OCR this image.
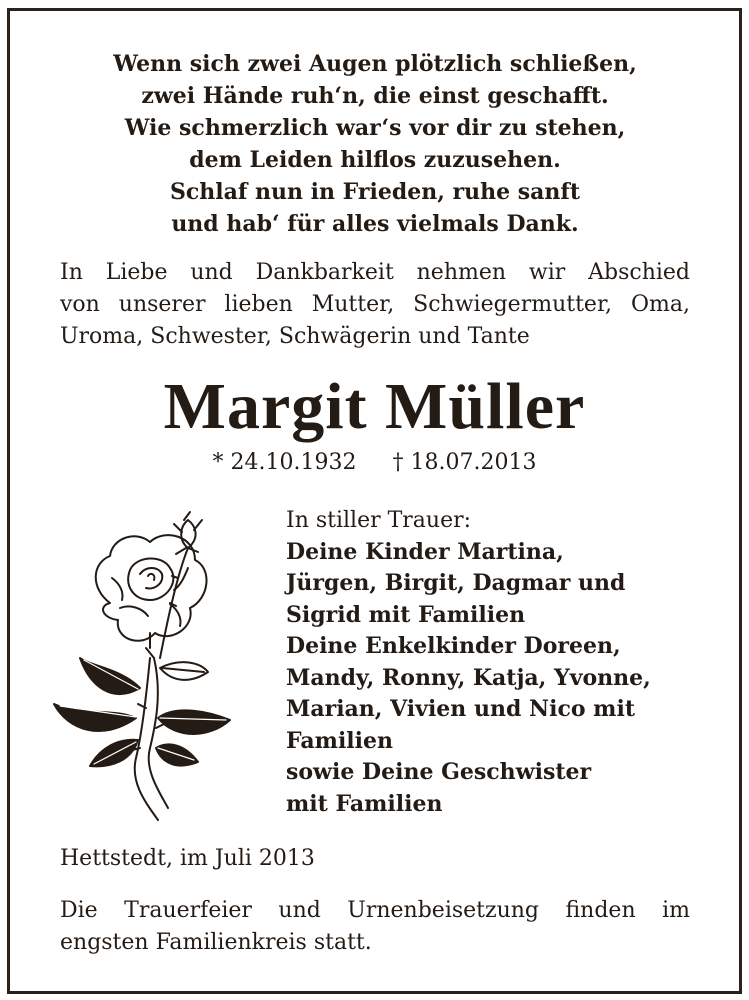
Wenn sich zwei Augen plötzlich schließen,
zwei Hände ruh‘n, die einst geschafft.
Wie schmerzlich war‘s vor dir zu stehen,
dem Leiden hilflos zuzusehen.
Schlaf nun in Frieden, ruhe sanft
und hab‘ für alles vielmals Dank.
In Liebe und Dankbarkeit nehmen wir Abschied
von unserer lieben Mutter, Schwiegermutter, Oma,
Uroma, Schwester, Schwägerin und Tante
Margit Müller
* 24.10.1932 † 18.07.2013
In stiller Trauer:
Deine Kinder Martina,
Jürgen, Birgit, Dagmar und
Sigrid mit Familien
Deine Enkelkinder Doreen,
Mandy, Ronny, Katja, Yvonne,
Marian, Vivien und Nico mit
Familien
sowie Deine Geschwister
mit Familien
Hettstedt, im Juli 2013
Die Trauerfeier und Urnenbeisetzung finden im
engsten Familienkreis statt.
